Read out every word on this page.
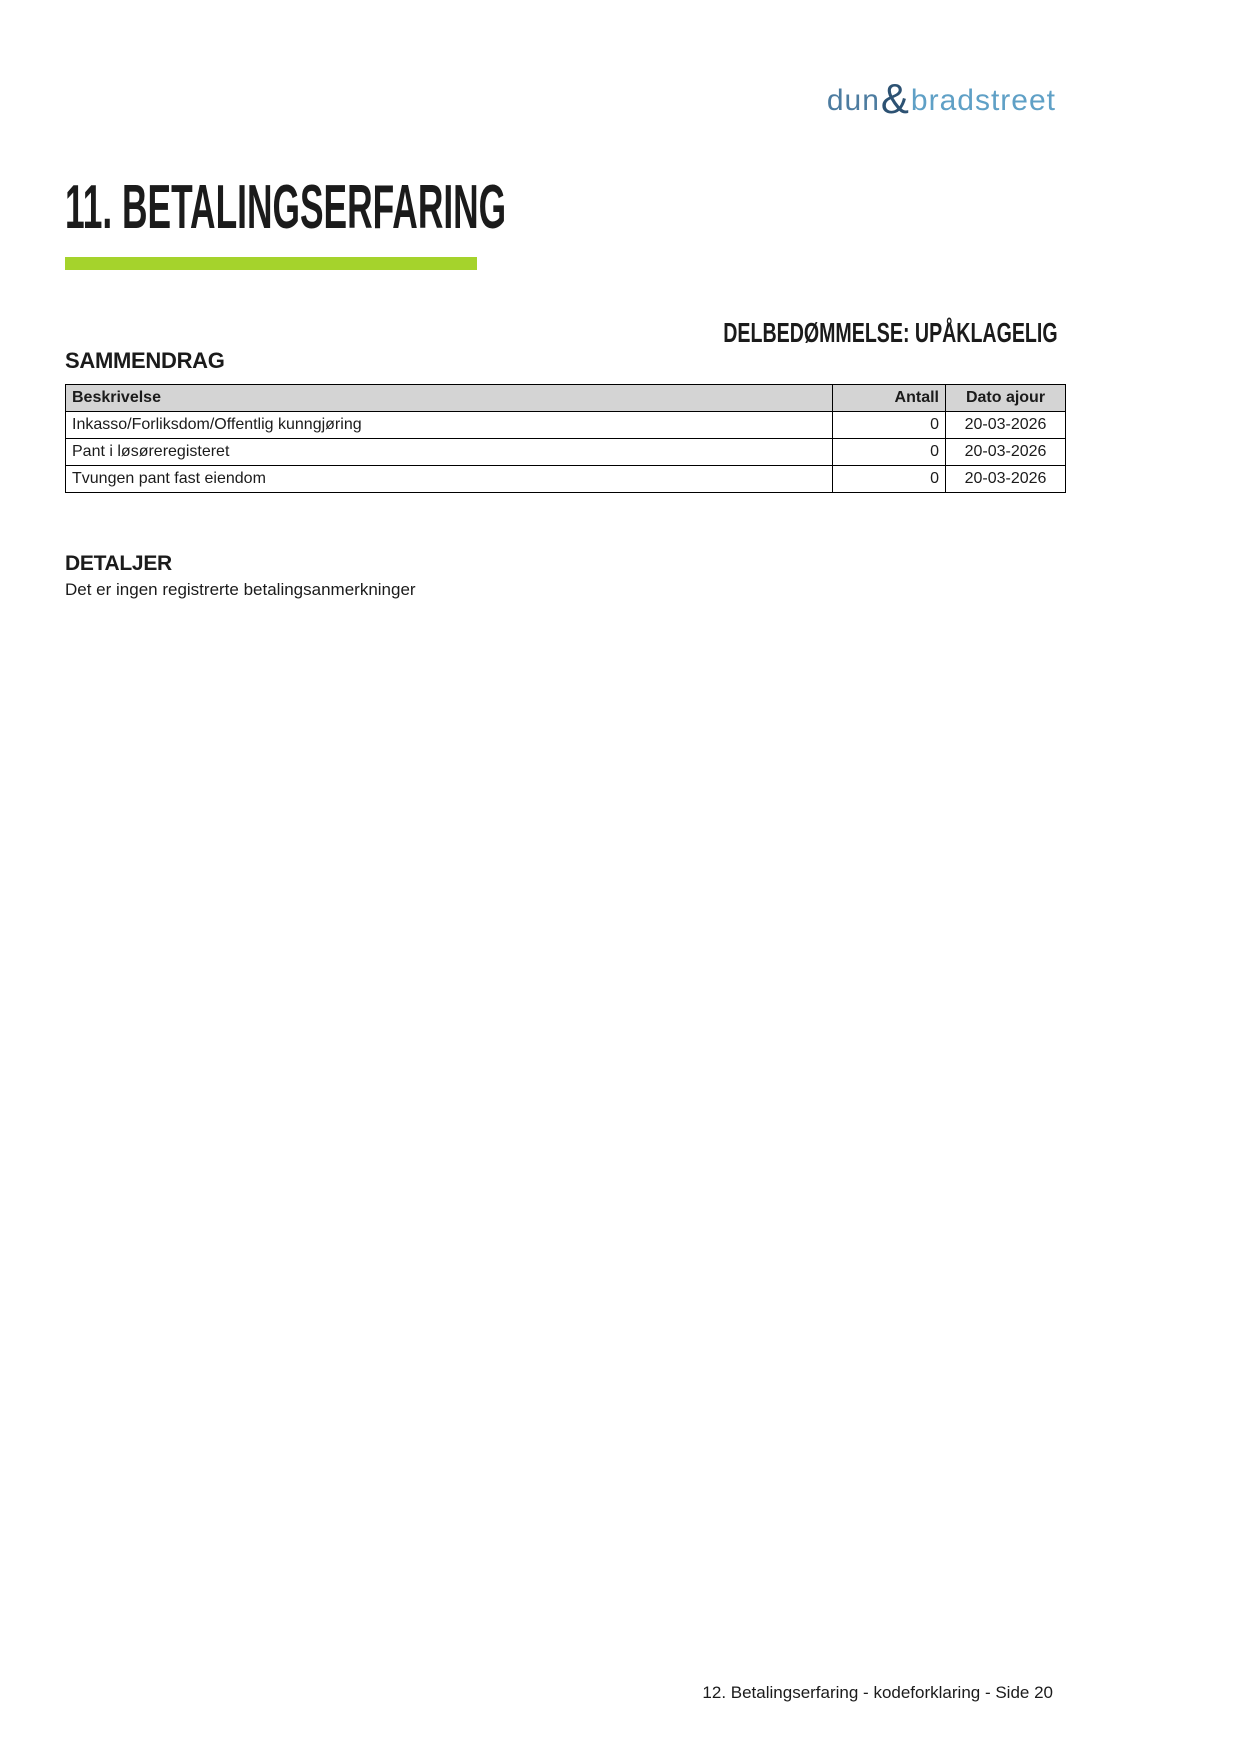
dun & bradstreet
11. BETALINGSERFARING
DELBEDØMMELSE: UPÅKLAGELIG
SAMMENDRAG
Beskrivelse	Antall	Dato ajour
Inkasso/Forliksdom/Offentlig kunngjøring	0	20-03-2026
Pant i løsøreregisteret	0	20-03-2026
Tvungen pant fast eiendom	0	20-03-2026
DETALJER

Det er ingen registrerte betalingsanmerkninger

12. Betalingserfaring - kodeforklaring - Side 20
